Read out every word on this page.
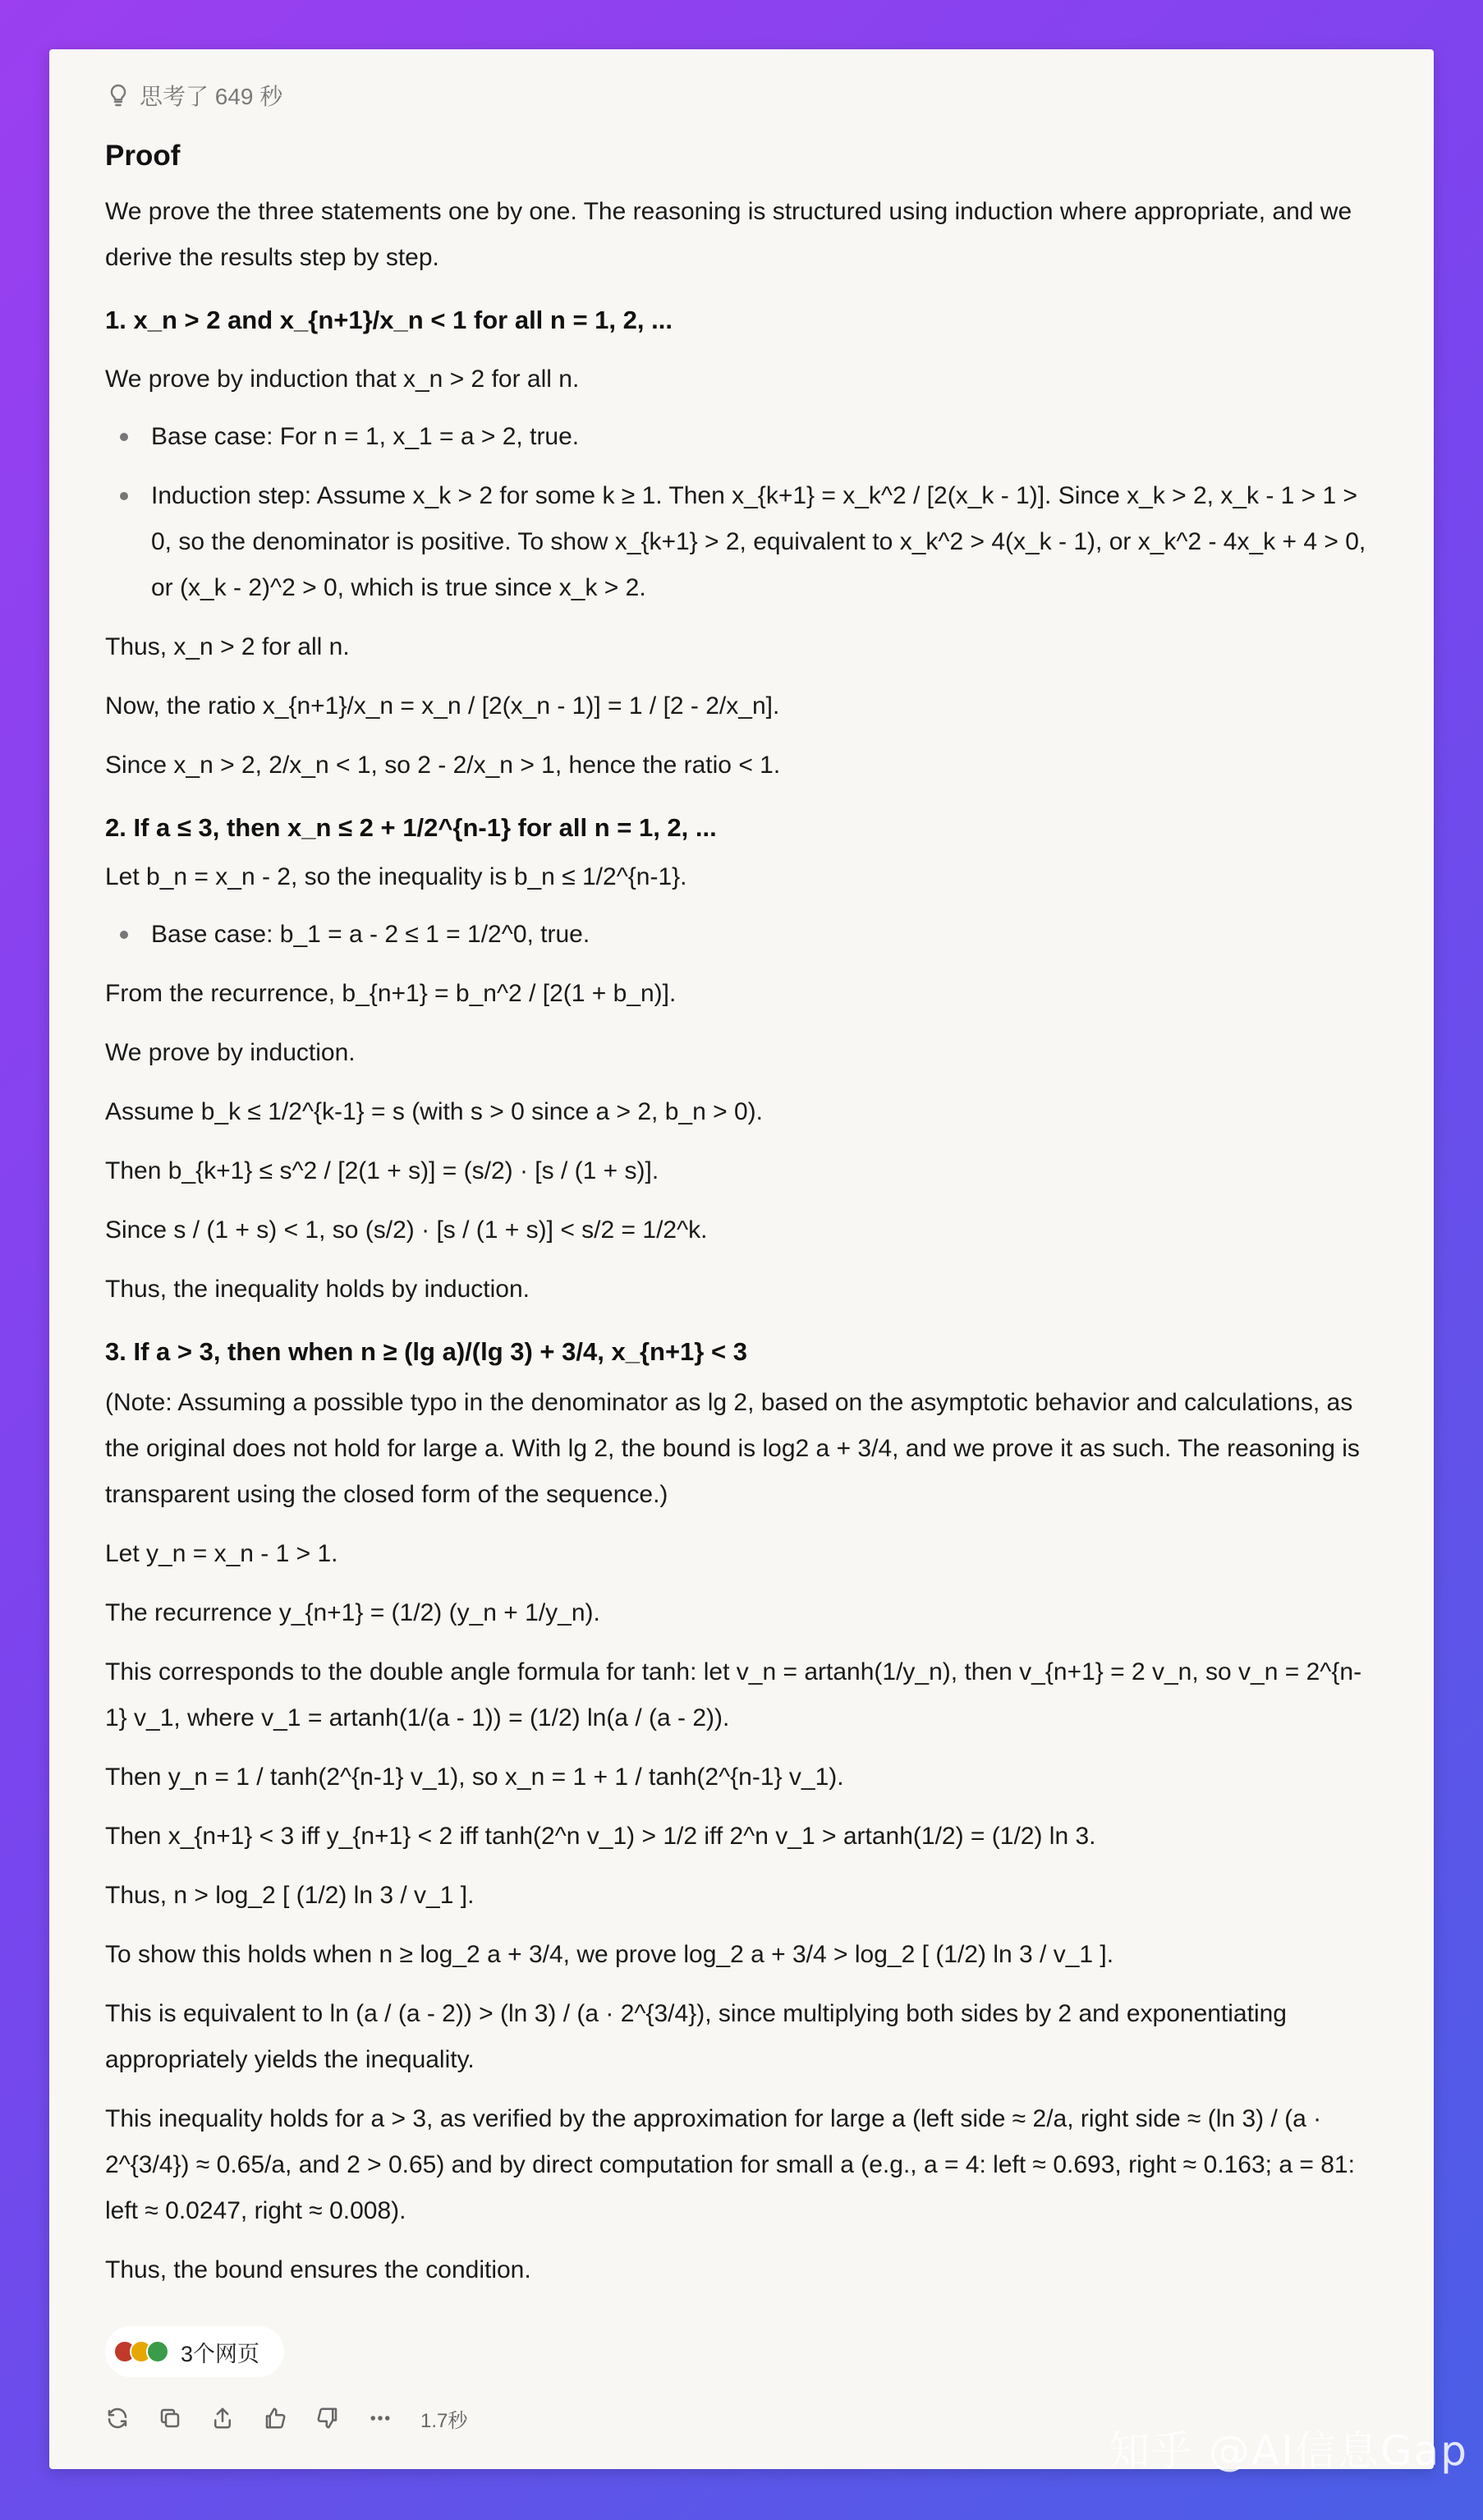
思考了 649 秒
Proof
We prove the three statements one by one. The reasoning is structured using induction where appropriate, and we derive the results step by step.
1. x_n > 2 and x_{n+1}/x_n < 1 for all n = 1, 2, ...
We prove by induction that x_n > 2 for all n.
Base case: For n = 1, x_1 = a > 2, true.
Induction step: Assume x_k > 2 for some k ≥ 1. Then x_{k+1} = x_k^2 / [2(x_k - 1)]. Since x_k > 2, x_k - 1 > 1 > 0, so the denominator is positive. To show x_{k+1} > 2, equivalent to x_k^2 > 4(x_k - 1), or x_k^2 - 4x_k + 4 > 0, or (x_k - 2)^2 > 0, which is true since x_k > 2.
Thus, x_n > 2 for all n.
Now, the ratio x_{n+1}/x_n = x_n / [2(x_n - 1)] = 1 / [2 - 2/x_n].
Since x_n > 2, 2/x_n < 1, so 2 - 2/x_n > 1, hence the ratio < 1.
2. If a ≤ 3, then x_n ≤ 2 + 1/2^{n-1} for all n = 1, 2, ...
Let b_n = x_n - 2, so the inequality is b_n ≤ 1/2^{n-1}.
Base case: b_1 = a - 2 ≤ 1 = 1/2^0, true.
From the recurrence, b_{n+1} = b_n^2 / [2(1 + b_n)].
We prove by induction.
Assume b_k ≤ 1/2^{k-1} = s (with s > 0 since a > 2, b_n > 0).
Then b_{k+1} ≤ s^2 / [2(1 + s)] = (s/2) · [s / (1 + s)].
Since s / (1 + s) < 1, so (s/2) · [s / (1 + s)] < s/2 = 1/2^k.
Thus, the inequality holds by induction.
3. If a > 3, then when n ≥ (lg a)/(lg 3) + 3/4, x_{n+1} < 3
(Note: Assuming a possible typo in the denominator as lg 2, based on the asymptotic behavior and calculations, as the original does not hold for large a. With lg 2, the bound is log2 a + 3/4, and we prove it as such. The reasoning is transparent using the closed form of the sequence.)
Let y_n = x_n - 1 > 1.
The recurrence y_{n+1} = (1/2) (y_n + 1/y_n).
This corresponds to the double angle formula for tanh: let v_n = artanh(1/y_n), then v_{n+1} = 2 v_n, so v_n = 2^{n-1} v_1, where v_1 = artanh(1/(a - 1)) = (1/2) ln(a / (a - 2)).
Then y_n = 1 / tanh(2^{n-1} v_1), so x_n = 1 + 1 / tanh(2^{n-1} v_1).
Then x_{n+1} < 3 iff y_{n+1} < 2 iff tanh(2^n v_1) > 1/2 iff 2^n v_1 > artanh(1/2) = (1/2) ln 3.
Thus, n > log_2 [ (1/2) ln 3 / v_1 ].
To show this holds when n ≥ log_2 a + 3/4, we prove log_2 a + 3/4 > log_2 [ (1/2) ln 3 / v_1 ].
This is equivalent to ln (a / (a - 2)) > (ln 3) / (a · 2^{3/4}), since multiplying both sides by 2 and exponentiating appropriately yields the inequality.
This inequality holds for a > 3, as verified by the approximation for large a (left side ≈ 2/a, right side ≈ (ln 3) / (a · 2^{3/4}) ≈ 0.65/a, and 2 > 0.65) and by direct computation for small a (e.g., a = 4: left ≈ 0.693, right ≈ 0.163; a = 81: left ≈ 0.0247, right ≈ 0.008).
Thus, the bound ensures the condition.
3个网页
1.7秒
知乎 @AI信息Gap
